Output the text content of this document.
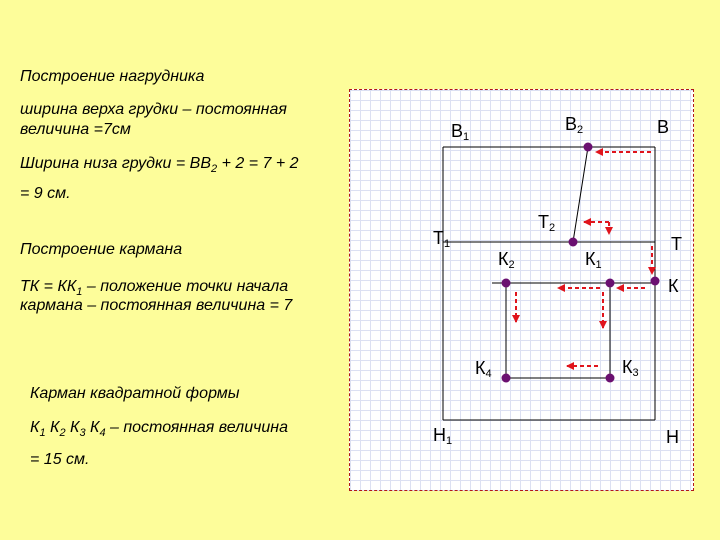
Построение нагрудника
ширина верха грудки – постоянная
величина =7см
Ширина низа грудки = $ВВ_2 + 2 = 7 + 2$
= 9 см.
Построение кармана
ТК = $КК_1$ – положение точки начала
кармана – постоянная величина = 7
Карман квадратной формы
$К_1$ $К_2$ $К_3$ $К_4$ – постоянная величина
= 15 см.
В1
В2	В
Т1
Т2
Т
К2	К1
К
К4	К3
Н1	Н
